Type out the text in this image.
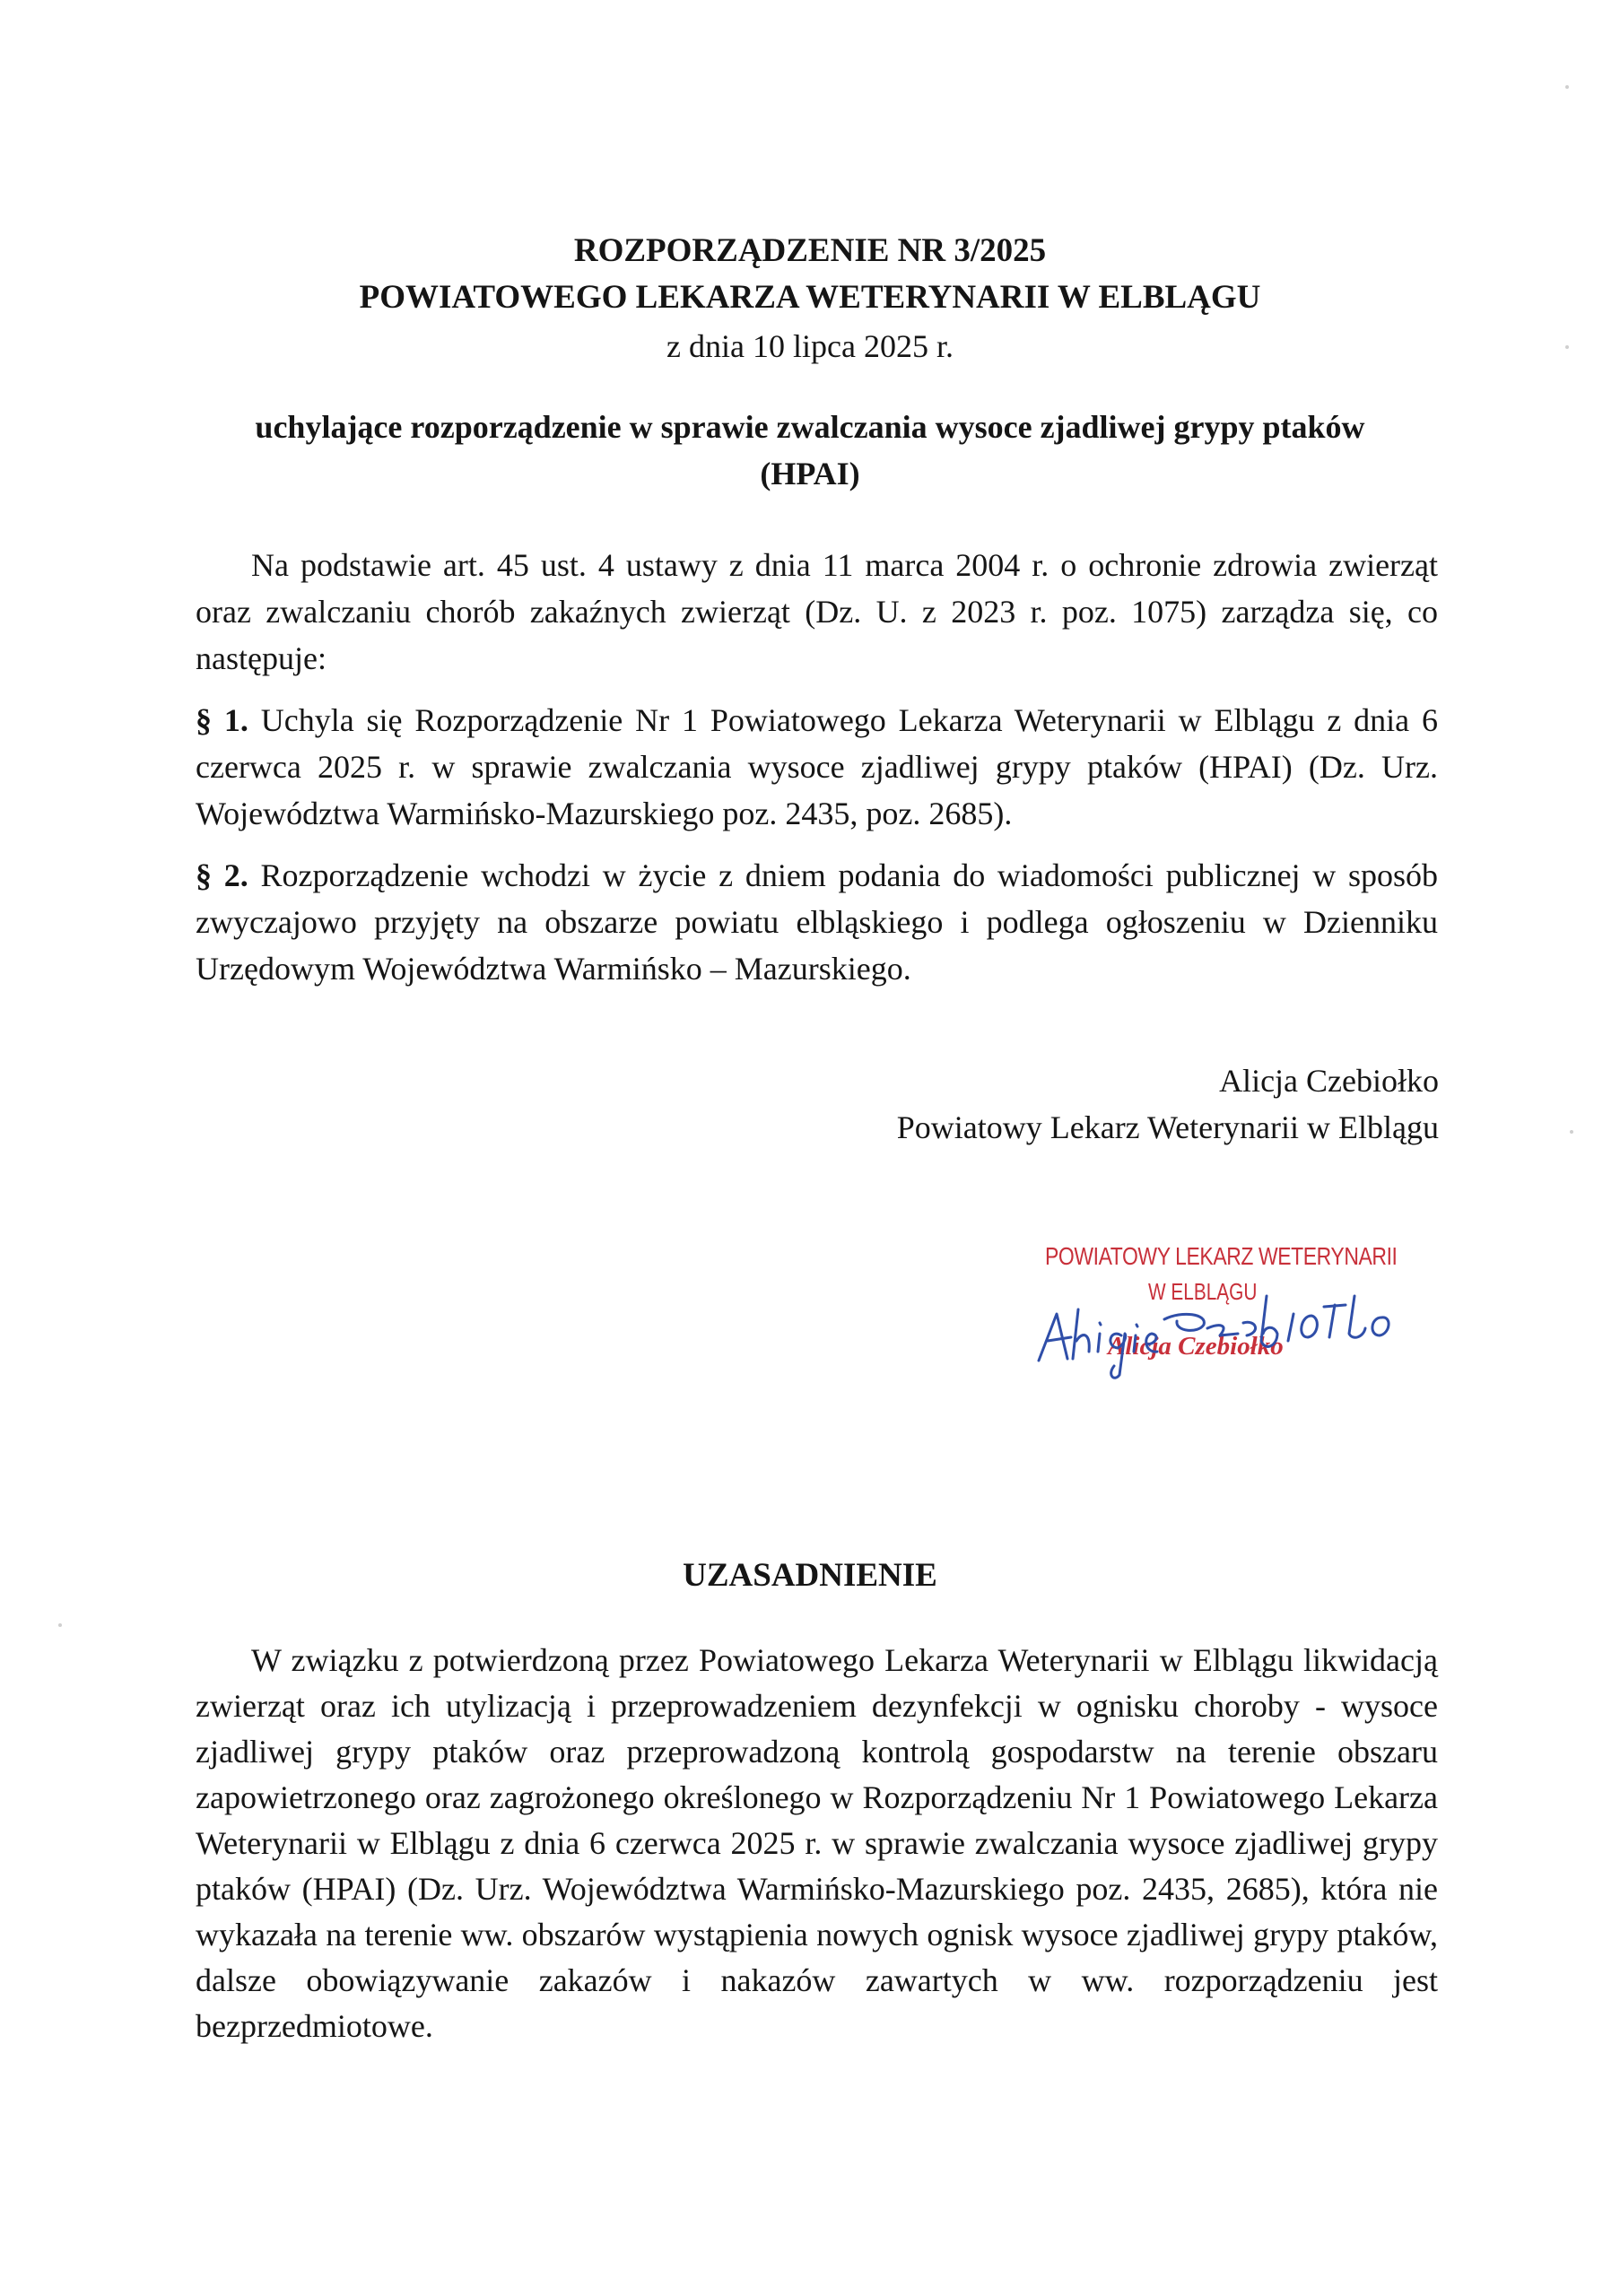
ROZPORZĄDZENIE NR 3/2025
POWIATOWEGO LEKARZA WETERYNARII W ELBLĄGU
z dnia 10 lipca 2025 r.
uchylające rozporządzenie w sprawie zwalczania wysoce zjadliwej grypy ptaków
(HPAI)
Na podstawie art. 45 ust. 4 ustawy z dnia 11 marca 2004 r. o ochronie zdrowia zwierząt oraz zwalczaniu chorób zakaźnych zwierząt (Dz. U. z 2023 r. poz. 1075) zarządza się, co następuje:
§ 1. Uchyla się Rozporządzenie Nr 1 Powiatowego Lekarza Weterynarii w Elblągu z dnia 6 czerwca 2025 r. w sprawie zwalczania wysoce zjadliwej grypy ptaków (HPAI) (Dz. Urz. Województwa Warmińsko-Mazurskiego poz. 2435, poz. 2685).
§ 2. Rozporządzenie wchodzi w życie z dniem podania do wiadomości publicznej w sposób zwyczajowo przyjęty na obszarze powiatu elbląskiego i podlega ogłoszeniu w Dzienniku Urzędowym Województwa Warmińsko – Mazurskiego.
Alicja Czebiołko
Powiatowy Lekarz Weterynarii w Elblągu
POWIATOWY LEKARZ WETERYNARII
W ELBLĄGU
Alicja Czebiołko
UZASADNIENIE
W związku z potwierdzoną przez Powiatowego Lekarza Weterynarii w Elblągu likwidacją zwierząt oraz ich utylizacją i przeprowadzeniem dezynfekcji w ognisku choroby - wysoce zjadliwej grypy ptaków oraz przeprowadzoną kontrolą gospodarstw na terenie obszaru zapowietrzonego oraz zagrożonego określonego w Rozporządzeniu Nr 1 Powiatowego Lekarza Weterynarii w Elblągu z dnia 6 czerwca 2025 r. w sprawie zwalczania wysoce zjadliwej grypy ptaków (HPAI) (Dz. Urz. Województwa Warmińsko-Mazurskiego poz. 2435, 2685), która nie wykazała na terenie ww. obszarów wystąpienia nowych ognisk wysoce zjadliwej grypy ptaków, dalsze obowiązywanie zakazów i nakazów zawartych w ww. rozporządzeniu jest bezprzedmiotowe.
